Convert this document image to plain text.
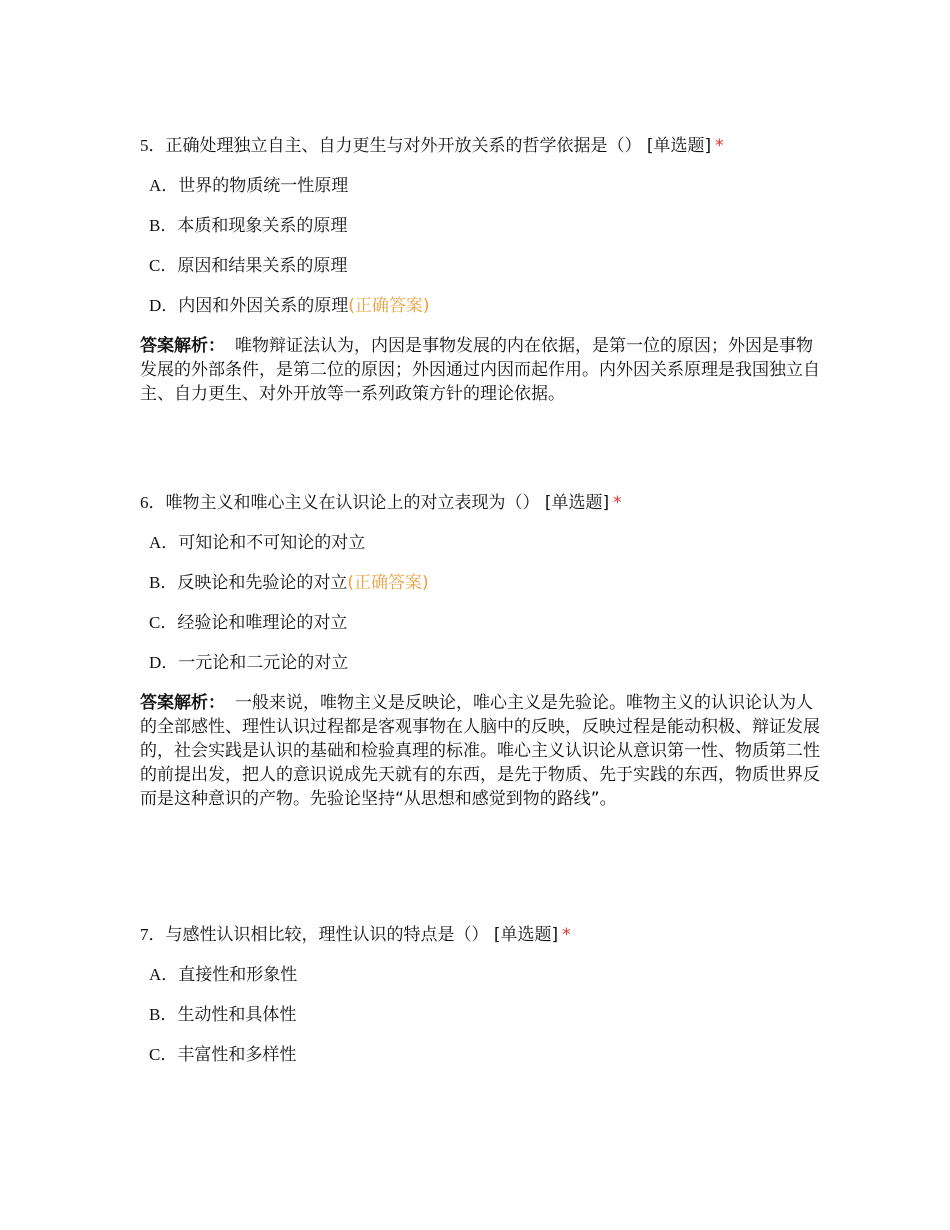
5．正确处理独立自主、自力更生与对外开放关系的哲学依据是（） [单选题] *
A．世界的物质统一性原理
B．本质和现象关系的原理
C．原因和结果关系的原理
D．内因和外因关系的原理(正确答案)
答案解析： 唯物辩证法认为，内因是事物发展的内在依据，是第一位的原因；外因是事物发展的外部条件，是第二位的原因；外因通过内因而起作用。内外因关系原理是我国独立自主、自力更生、对外开放等一系列政策方针的理论依据。
6．唯物主义和唯心主义在认识论上的对立表现为（） [单选题] *
A．可知论和不可知论的对立
B．反映论和先验论的对立(正确答案)
C．经验论和唯理论的对立
D．一元论和二元论的对立
答案解析： 一般来说，唯物主义是反映论，唯心主义是先验论。唯物主义的认识论认为人的全部感性、理性认识过程都是客观事物在人脑中的反映，反映过程是能动积极、辩证发展的，社会实践是认识的基础和检验真理的标准。唯心主义认识论从意识第一性、物质第二性的前提出发，把人的意识说成先天就有的东西，是先于物质、先于实践的东西，物质世界反而是这种意识的产物。先验论坚持“从思想和感觉到物的路线”。
7．与感性认识相比较，理性认识的特点是（） [单选题] *
A．直接性和形象性
B．生动性和具体性
C．丰富性和多样性
